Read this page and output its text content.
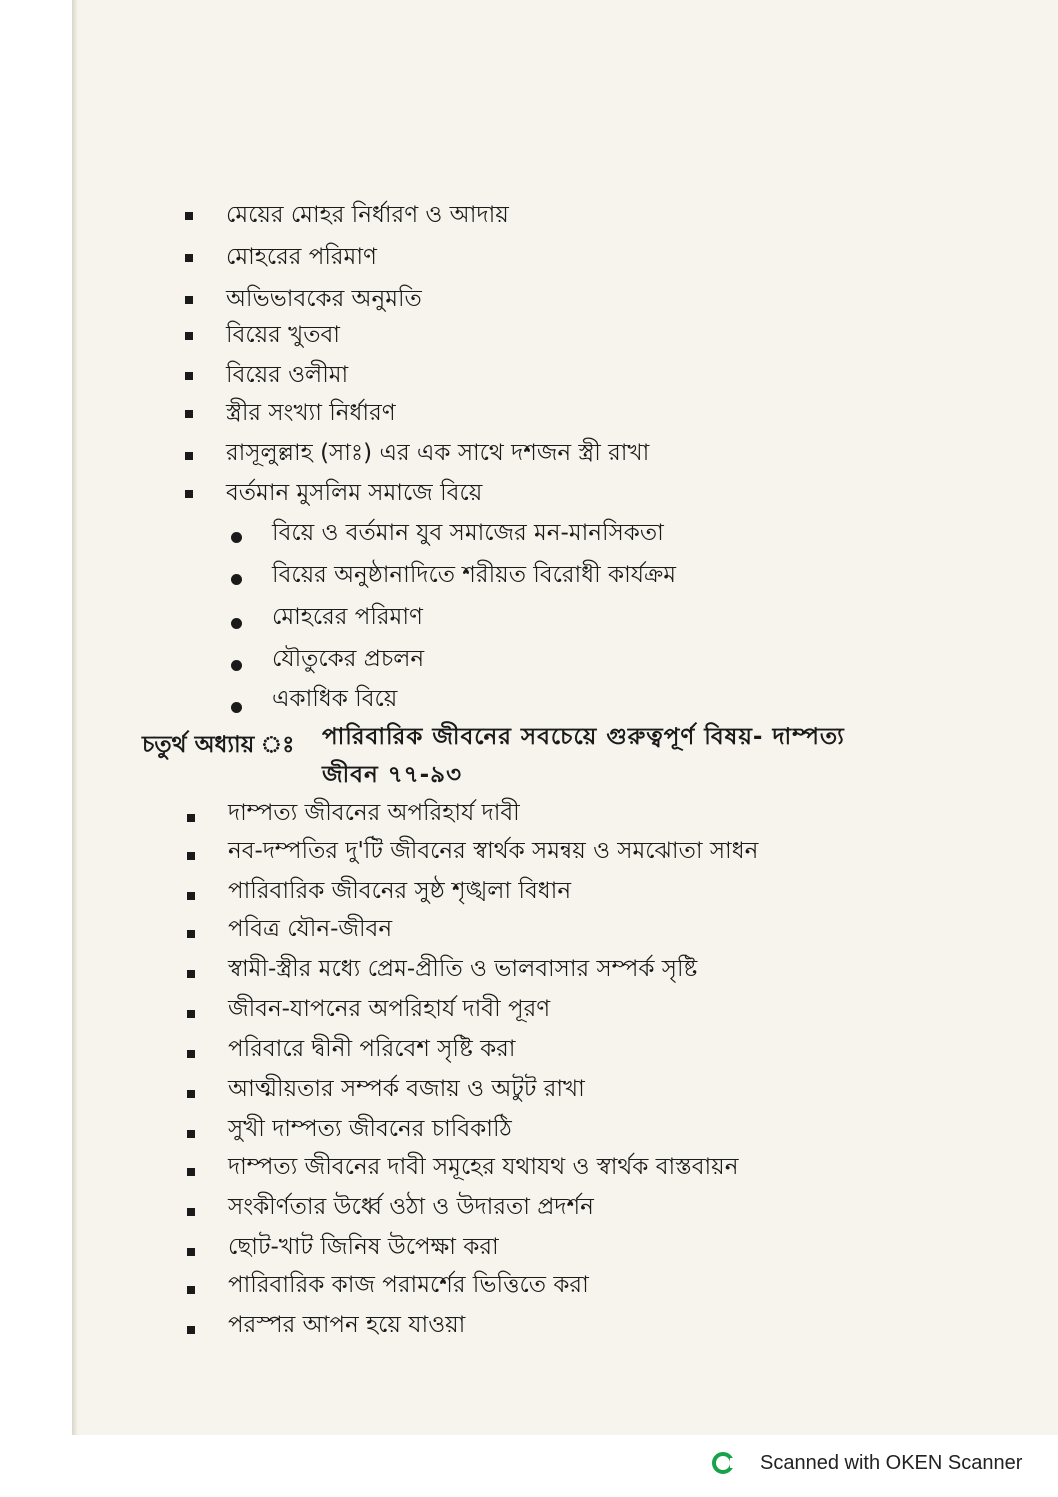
মেয়ের মোহর নির্ধারণ ও আদায়
মোহরের পরিমাণ
অভিভাবকের অনুমতি
বিয়ের খুতবা
বিয়ের ওলীমা
স্ত্রীর সংখ্যা নির্ধারণ
রাসূলুল্লাহ (সাঃ) এর এক সাথে দশজন স্ত্রী রাখা
বর্তমান মুসলিম সমাজে বিয়ে
বিয়ে ও বর্তমান যুব সমাজের মন-মানসিকতা
বিয়ের অনুষ্ঠানাদিতে শরীয়ত বিরোধী কার্যক্রম
মোহরের পরিমাণ
যৌতুকের প্রচলন
একাধিক বিয়ে
চতুর্থ অধ্যায় ঃ পারিবারিক জীবনের সবচেয়ে গুরুত্বপূর্ণ বিষয়- দাম্পত্য
জীবন ৭৭-৯৩
দাম্পত্য জীবনের অপরিহার্য দাবী
নব-দম্পতির দু'টি জীবনের স্বার্থক সমন্বয় ও সমঝোতা সাধন
পারিবারিক জীবনের সুষ্ঠ শৃঙ্খলা বিধান
পবিত্র যৌন-জীবন
স্বামী-স্ত্রীর মধ্যে প্রেম-প্রীতি ও ভালবাসার সম্পর্ক সৃষ্টি
জীবন-যাপনের অপরিহার্য দাবী পূরণ
পরিবারে দ্বীনী পরিবেশ সৃষ্টি করা
আত্মীয়তার সম্পর্ক বজায় ও অটুট রাখা
সুখী দাম্পত্য জীবনের চাবিকাঠি
দাম্পত্য জীবনের দাবী সমূহের যথাযথ ও স্বার্থক বাস্তবায়ন
সংকীর্ণতার উর্ধ্বে ওঠা ও উদারতা প্রদর্শন
ছোট-খাট জিনিষ উপেক্ষা করা
পারিবারিক কাজ পরামর্শের ভিত্তিতে করা
পরস্পর আপন হয়ে যাওয়া
Scanned with OKEN Scanner
